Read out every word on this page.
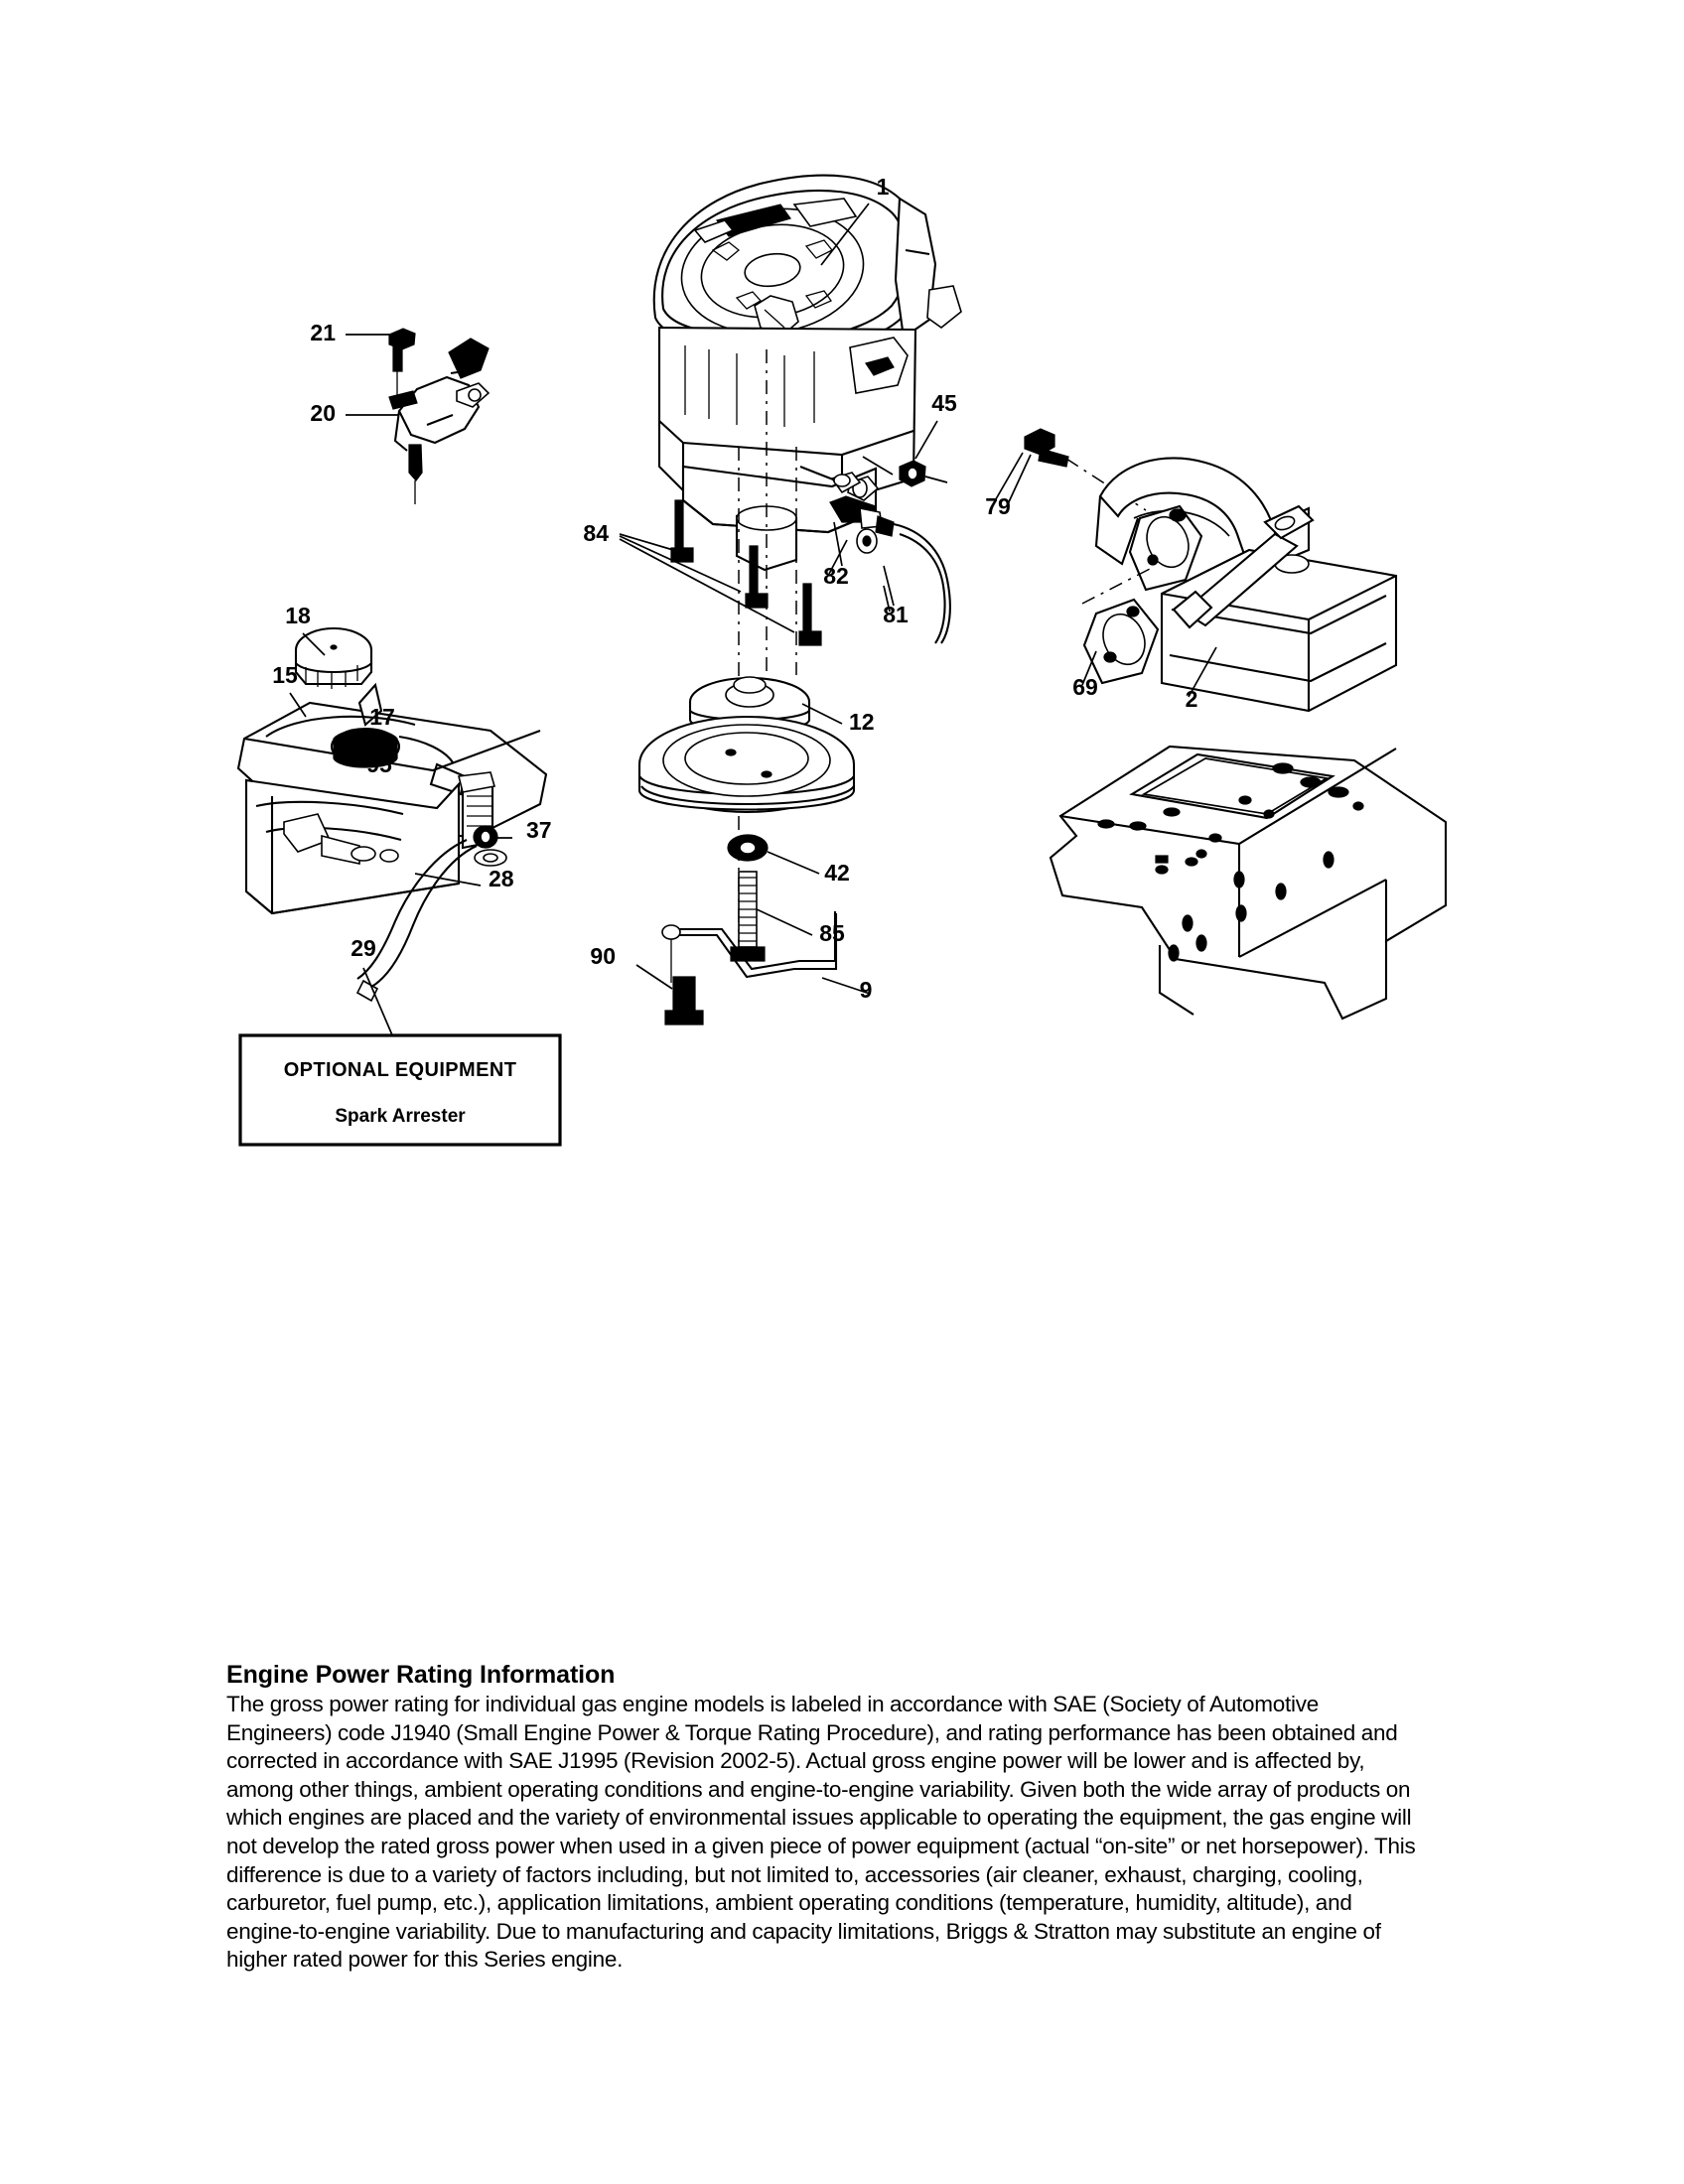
1
21
20	45
79
84
82
81
18
15
17
95
69	2
12
37
28	42
85
29	90
9
OPTIONAL EQUIPMENT
Spark Arrester
Engine Power Rating Information

The gross power rating for individual gas engine models is labeled in accordance with SAE (Society of Automotive Engineers) code J1940 (Small Engine Power & Torque Rating Procedure), and rating performance has been obtained and corrected in accordance with SAE J1995 (Revision 2002-5). Actual gross engine power will be lower and is affected by, among other things, ambient operating conditions and engine-to-engine variability. Given both the wide array of products on which engines are placed and the variety of environmental issues applicable to operating the equipment, the gas engine will not develop the rated gross power when used in a given piece of power equipment (actual “on-site” or net horsepower). This difference is due to a variety of factors including, but not limited to, accessories (air cleaner, exhaust, charging, cooling, carburetor, fuel pump, etc.), application limitations, ambient operating conditions (temperature, humidity, altitude), and engine-to-engine variability. Due to manufacturing and capacity limitations, Briggs & Stratton may substitute an engine of higher rated power for this Series engine.
